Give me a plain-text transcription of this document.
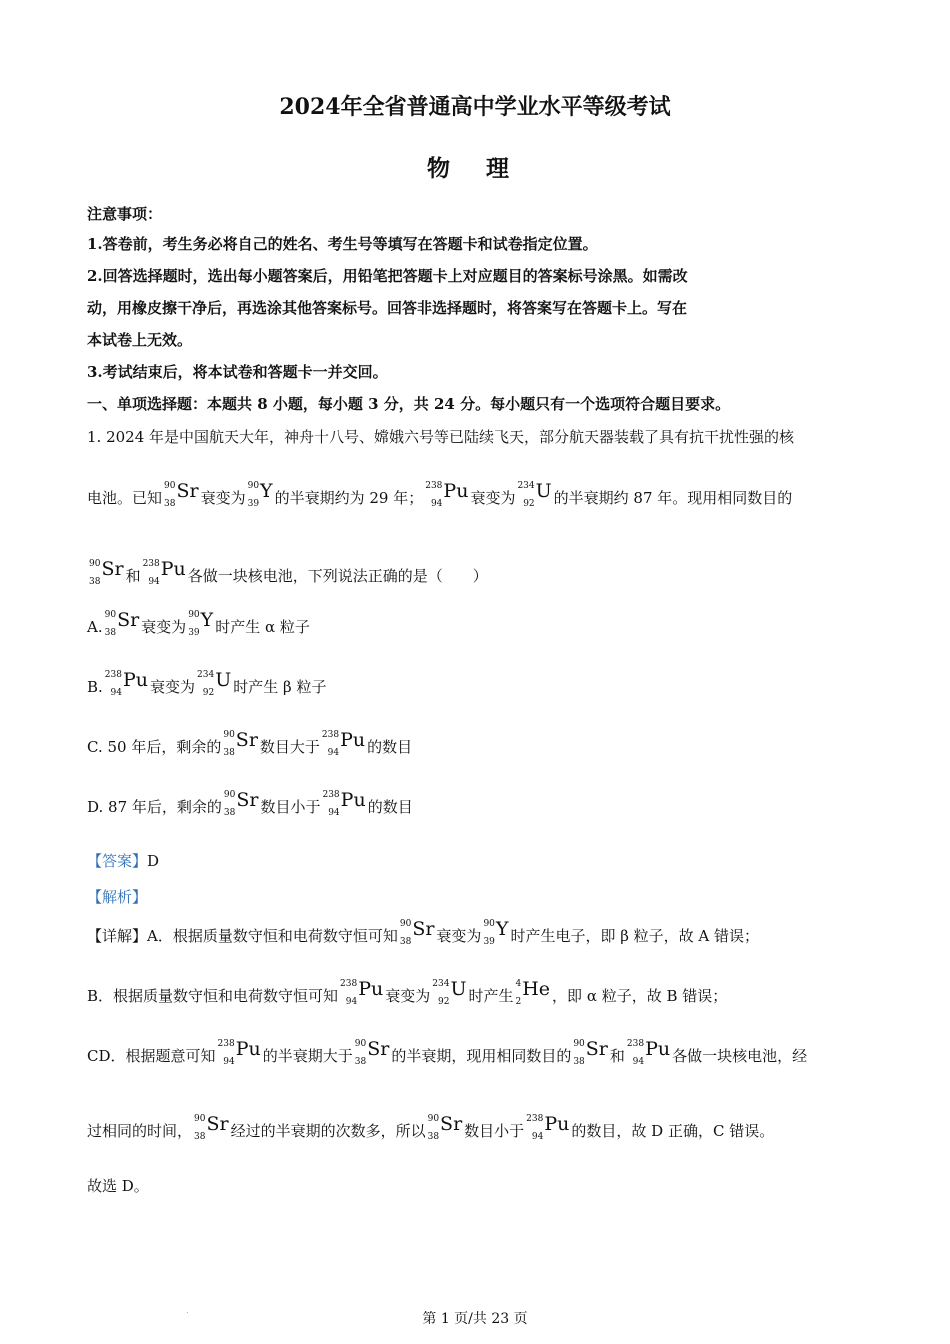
2024年全省普通高中学业水平等级考试
物 理
注意事项：
1.答卷前，考生务必将自己的姓名、考生号等填写在答题卡和试卷指定位置。
2.回答选择题时，选出每小题答案后，用铅笔把答题卡上对应题目的答案标号涂黑。如需改
动，用橡皮擦干净后，再选涂其他答案标号。回答非选择题时，将答案写在答题卡上。写在
本试卷上无效。
3.考试结束后，将本试卷和答题卡一并交回。
一、单项选择题：本题共 8 小题，每小题 3 分，共 24 分。每小题只有一个选项符合题目要求。
1. 2024 年是中国航天大年，神舟十八号、嫦娥六号等已陆续飞天，部分航天器装载了具有抗干扰性强的核
电池。已知
90
38
Sr 衰变为
90
39
Y 的半衰期约为 29 年；
238
94
Pu 衰变为
234
92
U 的半衰期约 87 年。现用相同数目的
90
38
Sr 和
238
94
Pu 各做一块核电池，下列说法正确的是（　　）
A.
90
38
Sr 衰变为
90
39
Y 时产生 α 粒子
B.
238
94
Pu 衰变为
234
92
U 时产生 β 粒子
C. 50 年后，剩余的
90
38
Sr 数目大于
238
94
Pu 的数目
D. 87 年后，剩余的
90
38
Sr 数目小于
238
94
Pu 的数目
【答案】D
【解析】
【详解】A．根据质量数守恒和电荷数守恒可知
90
38
Sr 衰变为
90
39
Y 时产生电子，即 β 粒子，故 A 错误；
B．根据质量数守恒和电荷数守恒可知
238
94
Pu 衰变为
234
92
U 时产生
4
2
He ，即 α 粒子，故 B 错误；
CD．根据题意可知
238
94
Pu 的半衰期大于
90
38
Sr 的半衰期，现用相同数目的
90
38
Sr 和
238
94
Pu 各做一块核电池，经
过相同的时间，
90
38
Sr 经过的半衰期的次数多，所以
90
38
Sr 数目小于
238
94
Pu 的数目，故 D 正确，C 错误。
故选 D。
.
第 1 页/共 23 页
